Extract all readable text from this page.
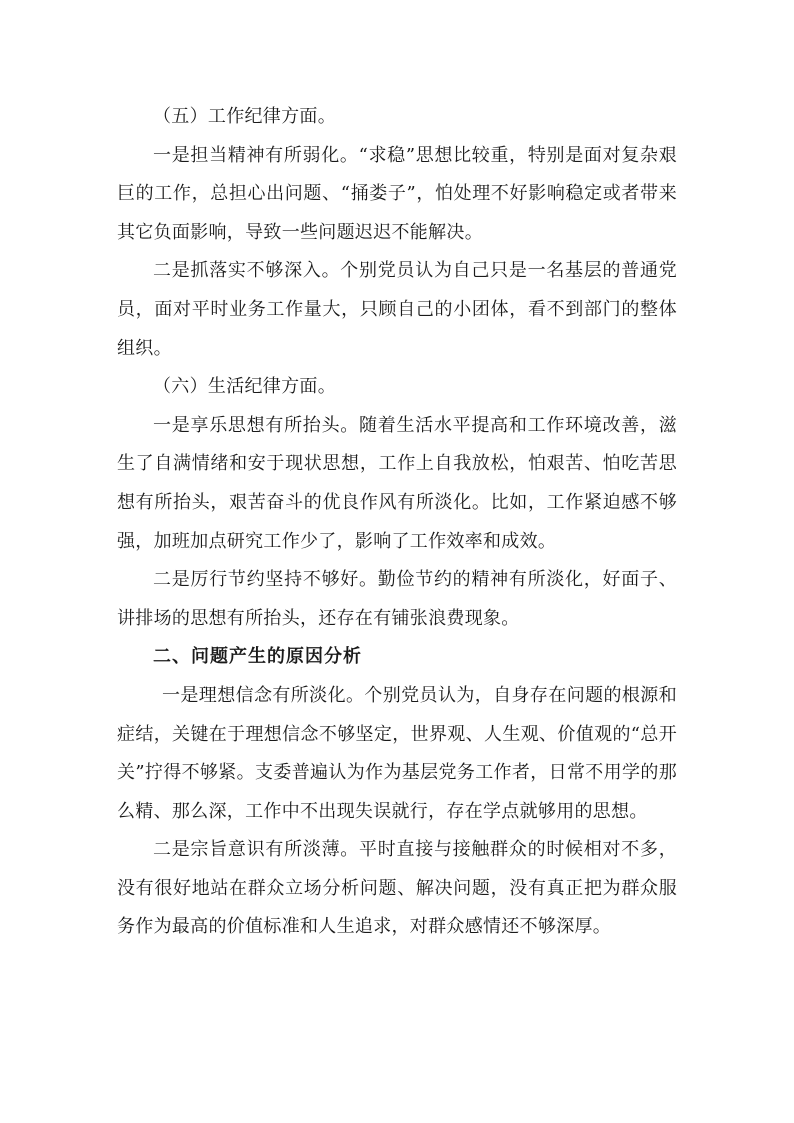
（五）工作纪律方面。

一是担当精神有所弱化。“求稳”思想比较重，特别是面对复杂艰巨的工作，总担心出问题、“捅娄子”，怕处理不好影响稳定或者带来其它负面影响，导致一些问题迟迟不能解决。

二是抓落实不够深入。个别党员认为自己只是一名基层的普通党员，面对平时业务工作量大，只顾自己的小团体，看不到部门的整体组织。

（六）生活纪律方面。

一是享乐思想有所抬头。随着生活水平提高和工作环境改善，滋生了自满情绪和安于现状思想，工作上自我放松，怕艰苦、怕吃苦思想有所抬头，艰苦奋斗的优良作风有所淡化。比如，工作紧迫感不够强，加班加点研究工作少了，影响了工作效率和成效。

二是厉行节约坚持不够好。勤俭节约的精神有所淡化，好面子、讲排场的思想有所抬头，还存在有铺张浪费现象。

二、问题产生的原因分析

一是理想信念有所淡化。个别党员认为，自身存在问题的根源和症结，关键在于理想信念不够坚定，世界观、人生观、价值观的“总开关”拧得不够紧。支委普遍认为作为基层党务工作者，日常不用学的那么精、那么深，工作中不出现失误就行，存在学点就够用的思想。

二是宗旨意识有所淡薄。平时直接与接触群众的时候相对不多，没有很好地站在群众立场分析问题、解决问题，没有真正把为群众服务作为最高的价值标准和人生追求，对群众感情还不够深厚。
